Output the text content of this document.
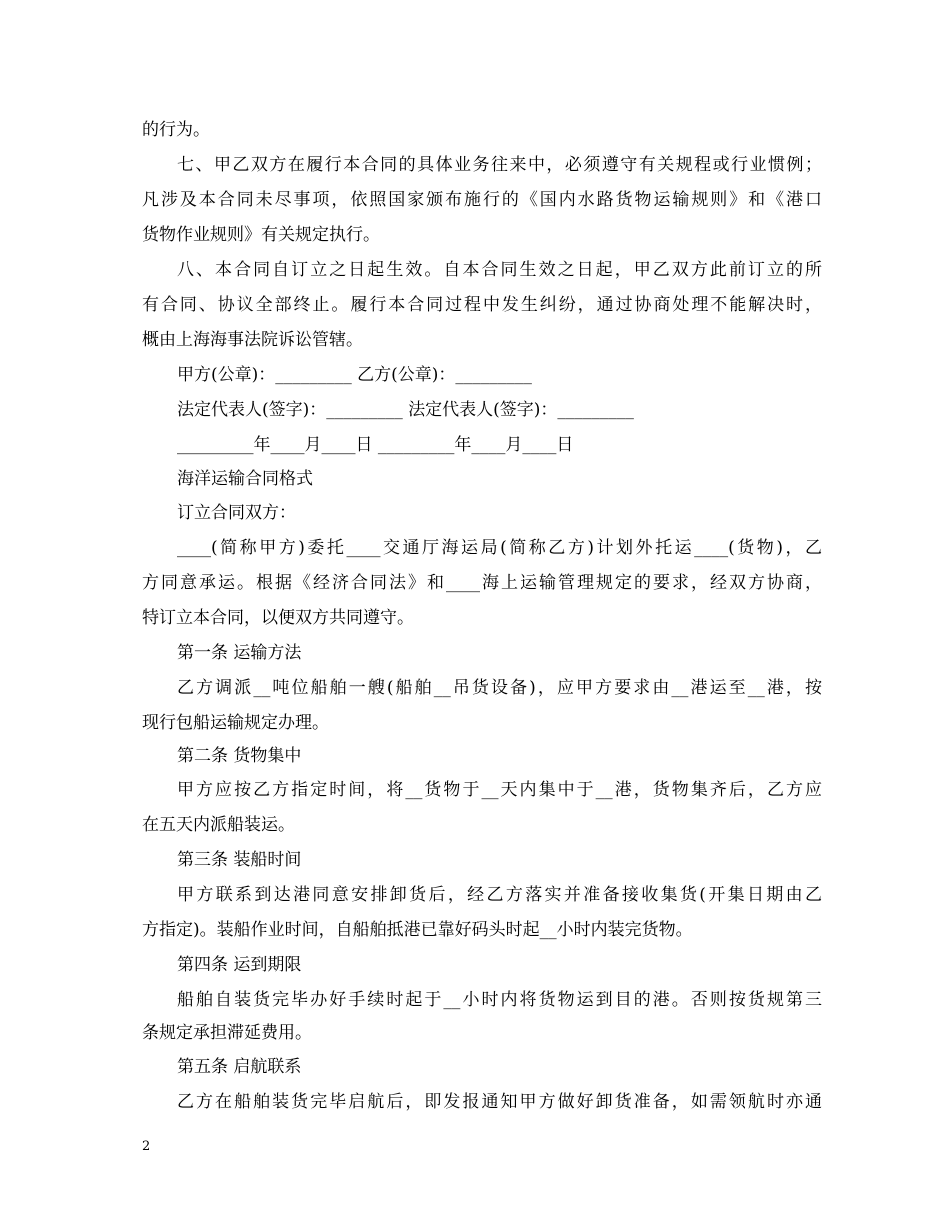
的行为。
七、甲乙双方在履行本合同的具体业务往来中，必须遵守有关规程或行业惯例；
凡涉及本合同未尽事项，依照国家颁布施行的《国内水路货物运输规则》和《港口
货物作业规则》有关规定执行。
八、本合同自订立之日起生效。自本合同生效之日起，甲乙双方此前订立的所
有合同、协议全部终止。履行本合同过程中发生纠纷，通过协商处理不能解决时，
概由上海海事法院诉讼管辖。
甲方(公章)：_________ 乙方(公章)：_________
法定代表人(签字)：_________ 法定代表人(签字)：_________
_________年____月____日 _________年____月____日
海洋运输合同格式
订立合同双方：
____(简称甲方)委托____交通厅海运局(简称乙方)计划外托运____(货物)，乙
方同意承运。根据《经济合同法》和____海上运输管理规定的要求，经双方协商，
特订立本合同，以便双方共同遵守。
第一条 运输方法
乙方调派__吨位船舶一艘(船舶__吊货设备)，应甲方要求由__港运至__港，按
现行包船运输规定办理。
第二条 货物集中
甲方应按乙方指定时间，将__货物于__天内集中于__港，货物集齐后，乙方应
在五天内派船装运。
第三条 装船时间
甲方联系到达港同意安排卸货后，经乙方落实并准备接收集货(开集日期由乙
方指定)。装船作业时间，自船舶抵港已靠好码头时起__小时内装完货物。
第四条 运到期限
船舶自装货完毕办好手续时起于__小时内将货物运到目的港。否则按货规第三
条规定承担滞延费用。
第五条 启航联系
乙方在船舶装货完毕启航后，即发报通知甲方做好卸货准备，如需领航时亦通
2
